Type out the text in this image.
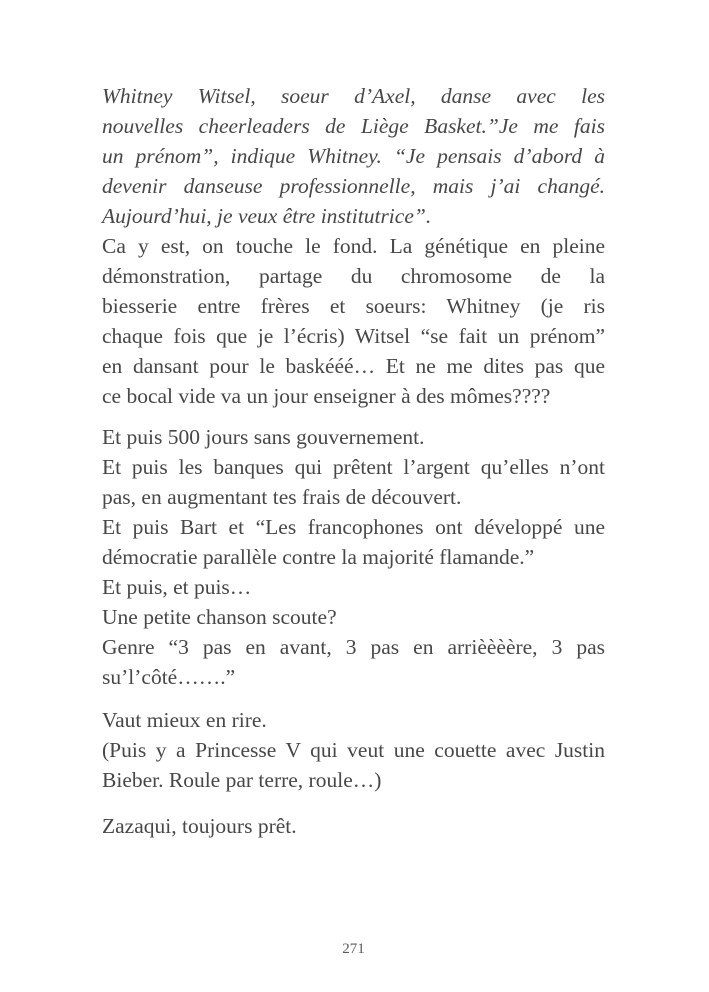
Whitney Witsel, soeur d’Axel, danse avec les
nouvelles cheerleaders de Liège Basket.”Je me fais
un prénom”, indique Whitney. “Je pensais d’abord à
devenir danseuse professionnelle, mais j’ai changé.
Aujourd’hui, je veux être institutrice”.
Ca y est, on touche le fond. La génétique en pleine
démonstration, partage du chromosome de la
biesserie entre frères et soeurs: Whitney (je ris
chaque fois que je l’écris) Witsel “se fait un prénom”
en dansant pour le baskééé… Et ne me dites pas que
ce bocal vide va un jour enseigner à des mômes????
Et puis 500 jours sans gouvernement.
Et puis les banques qui prêtent l’argent qu’elles n’ont
pas, en augmentant tes frais de découvert.
Et puis Bart et “Les francophones ont développé une
démocratie parallèle contre la majorité flamande.”
Et puis, et puis…
Une petite chanson scoute?
Genre “3 pas en avant, 3 pas en arrièèèère, 3 pas
su’l’côté…….”
Vaut mieux en rire.
(Puis y a Princesse V qui veut une couette avec Justin
Bieber. Roule par terre, roule…)
Zazaqui, toujours prêt.
271
